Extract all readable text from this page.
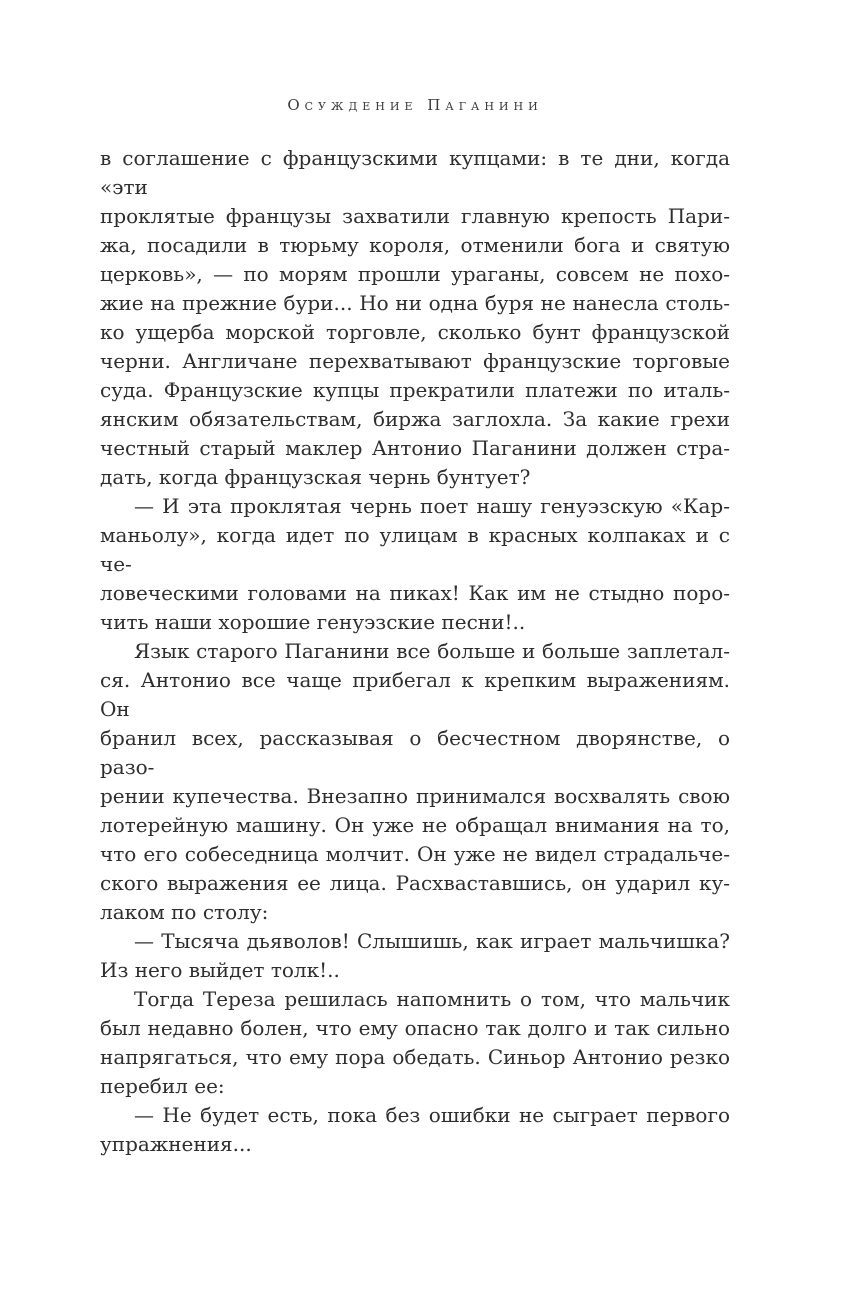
Осуждение Паганини
в соглашение с французскими купцами: в те дни, когда «эти
проклятые французы захватили главную крепость Пари-
жа, посадили в тюрьму короля, отменили бога и святую
церковь», — по морям прошли ураганы, совсем не похо-
жие на прежние бури... Но ни одна буря не нанесла столь-
ко ущерба морской торговле, сколько бунт французской
черни. Англичане перехватывают французские торговые
суда. Французские купцы прекратили платежи по италь-
янским обязательствам, биржа заглохла. За какие грехи
честный старый маклер Антонио Паганини должен стра-
дать, когда французская чернь бунтует?
— И эта проклятая чернь поет нашу генуэзскую «Кар-
маньолу», когда идет по улицам в красных колпаках и с че-
ловеческими головами на пиках! Как им не стыдно поро-
чить наши хорошие генуэзские песни!..
Язык старого Паганини все больше и больше заплетал-
ся. Антонио все чаще прибегал к крепким выражениям. Он
бранил всех, рассказывая о бесчестном дворянстве, о разо-
рении купечества. Внезапно принимался восхвалять свою
лотерейную машину. Он уже не обращал внимания на то,
что его собеседница молчит. Он уже не видел страдальче-
ского выражения ее лица. Расхваставшись, он ударил ку-
лаком по столу:
— Тысяча дьяволов! Слышишь, как играет мальчишка?
Из него выйдет толк!..
Тогда Тереза решилась напомнить о том, что мальчик
был недавно болен, что ему опасно так долго и так сильно
напрягаться, что ему пора обедать. Синьор Антонио резко
перебил ее:
— Не будет есть, пока без ошибки не сыграет первого
упражнения...
